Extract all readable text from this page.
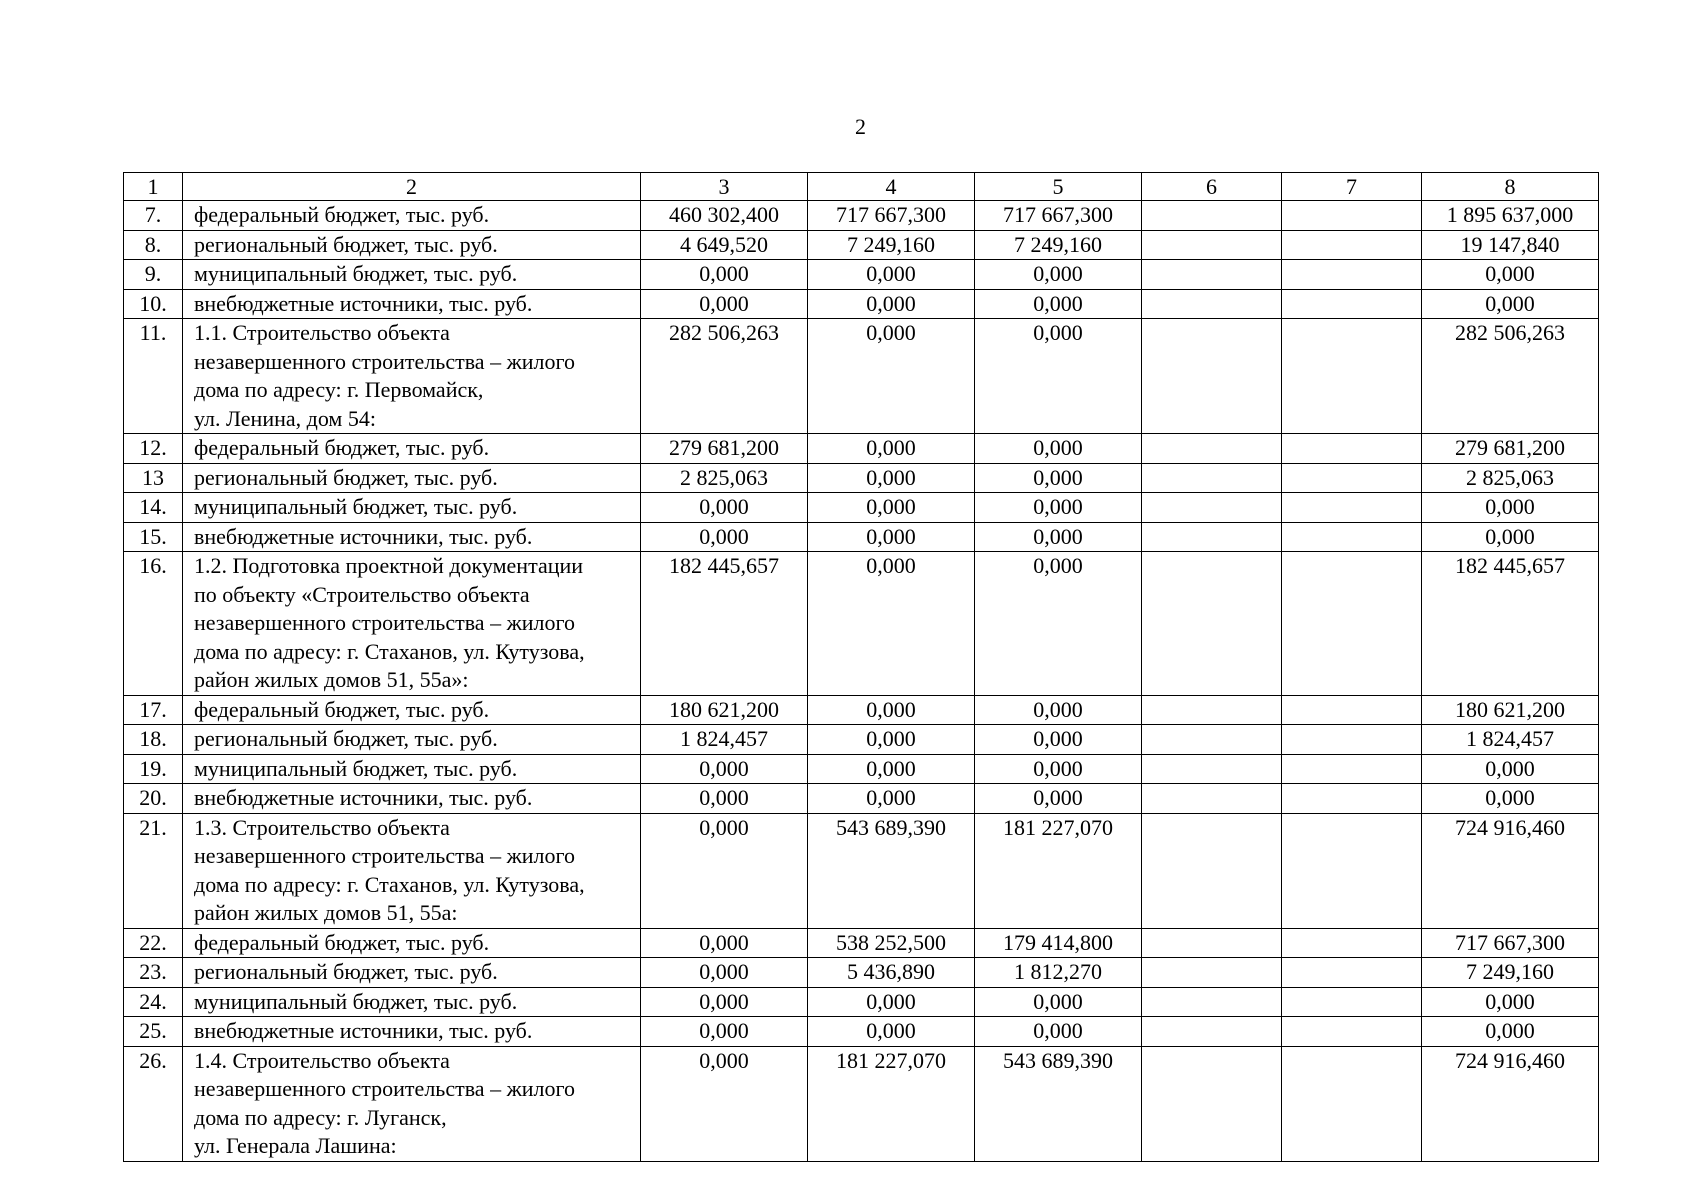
2
1	2	3	4	5	6	7	8
7.	федеральный бюджет, тыс. руб.	460 302,400	717 667,300	717 667,300			1 895 637,000
8.	региональный бюджет, тыс. руб.	4 649,520	7 249,160	7 249,160			19 147,840
9.	муниципальный бюджет, тыс. руб.	0,000	0,000	0,000			0,000
10.	внебюджетные источники, тыс. руб.	0,000	0,000	0,000			0,000
11.	1.1. Строительство объекта
незавершенного строительства – жилого
дома по адресу: г. Первомайск,
ул. Ленина, дом 54:	282 506,263	0,000	0,000			282 506,263
12.	федеральный бюджет, тыс. руб.	279 681,200	0,000	0,000			279 681,200
13	региональный бюджет, тыс. руб.	2 825,063	0,000	0,000			2 825,063
14.	муниципальный бюджет, тыс. руб.	0,000	0,000	0,000			0,000
15.	внебюджетные источники, тыс. руб.	0,000	0,000	0,000			0,000
16.	1.2. Подготовка проектной документации
по объекту «Строительство объекта
незавершенного строительства – жилого
дома по адресу: г. Стаханов, ул. Кутузова,
район жилых домов 51, 55а»:	182 445,657	0,000	0,000			182 445,657
17.	федеральный бюджет, тыс. руб.	180 621,200	0,000	0,000			180 621,200
18.	региональный бюджет, тыс. руб.	1 824,457	0,000	0,000			1 824,457
19.	муниципальный бюджет, тыс. руб.	0,000	0,000	0,000			0,000
20.	внебюджетные источники, тыс. руб.	0,000	0,000	0,000			0,000
21.	1.3. Строительство объекта
незавершенного строительства – жилого
дома по адресу: г. Стаханов, ул. Кутузова,
район жилых домов 51, 55а:	0,000	543 689,390	181 227,070			724 916,460
22.	федеральный бюджет, тыс. руб.	0,000	538 252,500	179 414,800			717 667,300
23.	региональный бюджет, тыс. руб.	0,000	5 436,890	1 812,270			7 249,160
24.	муниципальный бюджет, тыс. руб.	0,000	0,000	0,000			0,000
25.	внебюджетные источники, тыс. руб.	0,000	0,000	0,000			0,000
26.	1.4. Строительство объекта
незавершенного строительства – жилого
дома по адресу: г. Луганск,
ул. Генерала Лашина:	0,000	181 227,070	543 689,390			724 916,460
